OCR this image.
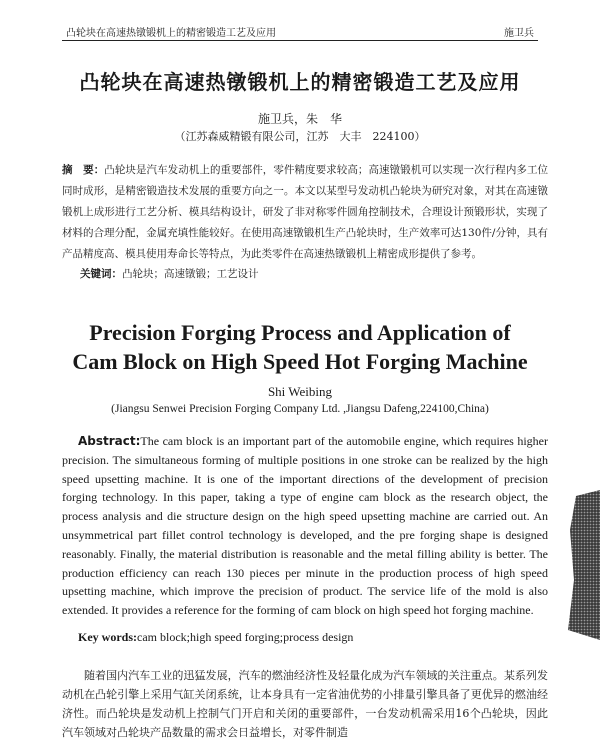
凸轮块在高速热镦锻机上的精密锻造工艺及应用	施卫兵
凸轮块在高速热镦锻机上的精密锻造工艺及应用
施卫兵，朱　华
（江苏森威精锻有限公司，江苏　大丰　224100）

摘　要：凸轮块是汽车发动机上的重要部件，零件精度要求较高；高速镦锻机可以实现一次行程内多工位同时成形，是精密锻造技术发展的重要方向之一。本文以某型号发动机凸轮块为研究对象，对其在高速镦锻机上成形进行工艺分析、模具结构设计，研发了非对称零件圆角控制技术，合理设计预锻形状，实现了材料的合理分配，金属充填性能较好。在使用高速镦锻机生产凸轮块时，生产效率可达130件/分钟，具有产品精度高、模具使用寿命长等特点，为此类零件在高速热镦锻机上精密成形提供了参考。

关键词：凸轮块；高速镦锻；工艺设计

Precision Forging Process and Application of
Cam Block on High Speed Hot Forging Machine
Shi Weibing
(Jiangsu Senwei Precision Forging Company Ltd. ,Jiangsu Dafeng,224100,China)

Abstract:The cam block is an important part of the automobile engine, which requires higher precision. The simultaneous forming of multiple positions in one stroke can be realized by the high speed upsetting machine. It is one of the important directions of the development of precision forging technology. In this paper, taking a type of engine cam block as the research object, the process analysis and die structure design on the high speed upsetting machine are carried out. An unsymmetrical part fillet control technology is developed, and the pre forging shape is designed reasonably. Finally, the material distribution is reasonable and the metal filling ability is better. The production efficiency can reach 130 pieces per minute in the production process of high speed upsetting machine, which improve the precision of product. The service life of the mold is also extended. It provides a reference for the forming of cam block on high speed hot forging machine.

Key words:cam block;high speed forging;process design

随着国内汽车工业的迅猛发展，汽车的燃油经济性及轻量化成为汽车领域的关注重点。某系列发动机在凸轮引擎上采用气缸关闭系统，让本身具有一定省油优势的小排量引擎具备了更优异的燃油经济性。而凸轮块是发动机上控制气门开启和关闭的重要部件，一台发动机需采用16个凸轮块，因此汽车领域对凸轮块产品数量的需求会日益增长，对零件制造
